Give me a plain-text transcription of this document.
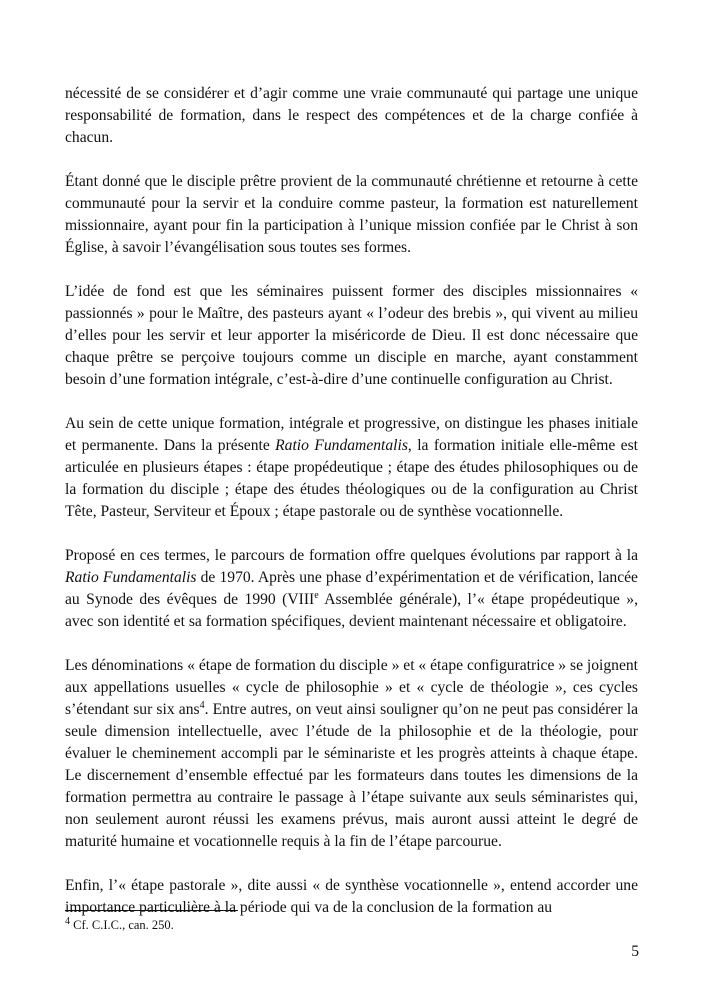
nécessité de se considérer et d’agir comme une vraie communauté qui partage une unique responsabilité de formation, dans le respect des compétences et de la charge confiée à chacun.

Étant donné que le disciple prêtre provient de la communauté chrétienne et retourne à cette communauté pour la servir et la conduire comme pasteur, la formation est naturellement missionnaire, ayant pour fin la participation à l’unique mission confiée par le Christ à son Église, à savoir l’évangélisation sous toutes ses formes.

L’idée de fond est que les séminaires puissent former des disciples missionnaires « passionnés » pour le Maître, des pasteurs ayant « l’odeur des brebis », qui vivent au milieu d’elles pour les servir et leur apporter la miséricorde de Dieu. Il est donc nécessaire que chaque prêtre se perçoive toujours comme un disciple en marche, ayant constamment besoin d’une formation intégrale, c’est-à-dire d’une continuelle configuration au Christ.

Au sein de cette unique formation, intégrale et progressive, on distingue les phases initiale et permanente. Dans la présente Ratio Fundamentalis, la formation initiale elle-même est articulée en plusieurs étapes : étape propédeutique ; étape des études philosophiques ou de la formation du disciple ; étape des études théologiques ou de la configuration au Christ Tête, Pasteur, Serviteur et Époux ; étape pastorale ou de synthèse vocationnelle.

Proposé en ces termes, le parcours de formation offre quelques évolutions par rapport à la Ratio Fundamentalis de 1970. Après une phase d’expérimentation et de vérification, lancée au Synode des évêques de 1990 (VIIIe Assemblée générale), l’« étape propédeutique », avec son identité et sa formation spécifiques, devient maintenant nécessaire et obligatoire.

Les dénominations « étape de formation du disciple » et « étape configuratrice » se joignent aux appellations usuelles « cycle de philosophie » et « cycle de théologie », ces cycles s’étendant sur six ans$^4$. Entre autres, on veut ainsi souligner qu’on ne peut pas considérer la seule dimension intellectuelle, avec l’étude de la philosophie et de la théologie, pour évaluer le cheminement accompli par le séminariste et les progrès atteints à chaque étape. Le discernement d’ensemble effectué par les formateurs dans toutes les dimensions de la formation permettra au contraire le passage à l’étape suivante aux seuls séminaristes qui, non seulement auront réussi les examens prévus, mais auront aussi atteint le degré de maturité humaine et vocationnelle requis à la fin de l’étape parcourue.

Enfin, l’« étape pastorale », dite aussi « de synthèse vocationnelle », entend accorder une importance particulière à la période qui va de la conclusion de la formation au

$^4$ Cf. C.I.C., can. 250.
5
